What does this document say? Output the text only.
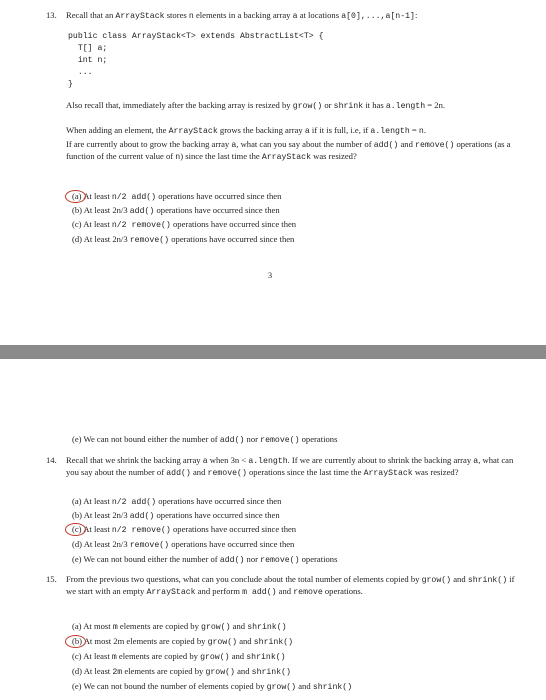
13. Recall that an ArrayStack stores n elements in a backing array a at locations a[0],...,a[n-1]:
public class ArrayStack<T> extends AbstractList<T> {
T[] a;
int n;
...
}
Also recall that, immediately after the backing array is resized by grow() or shrink it has a.length = 2n.
When adding an element, the ArrayStack grows the backing array a if it is full, i.e, if a.length = n.
If are currently about to grow the backing array a, what can you say about the number of add() and remove() operations (as a function of the current value of n) since the last time the ArrayStack was resized?
(a) At least n/2 add() operations have occurred since then
(b) At least 2n/3 add() operations have occurred since then
(c) At least n/2 remove() operations have occurred since then
(d) At least 2n/3 remove() operations have occurred since then
3
(e) We can not bound either the number of add() nor remove() operations
14. Recall that we shrink the backing array a when 3n < a.length. If we are currently about to shrink the backing array a, what can you say about the number of add() and remove() operations since the last time the ArrayStack was resized?
(a) At least n/2 add() operations have occurred since then
(b) At least 2n/3 add() operations have occurred since then
(c) At least n/2 remove() operations have occurred since then
(d) At least 2n/3 remove() operations have occurred since then
(e) We can not bound either the number of add() nor remove() operations
15. From the previous two questions, what can you conclude about the total number of elements copied by grow() and shrink() if we start with an empty ArrayStack and perform m add() and remove operations.
(a) At most m elements are copied by grow() and shrink()
(b) At most 2m elements are copied by grow() and shrink()
(c) At least m elements are copied by grow() and shrink()
(d) At least 2m elements are copied by grow() and shrink()
(e) We can not bound the number of elements copied by grow() and shrink()
